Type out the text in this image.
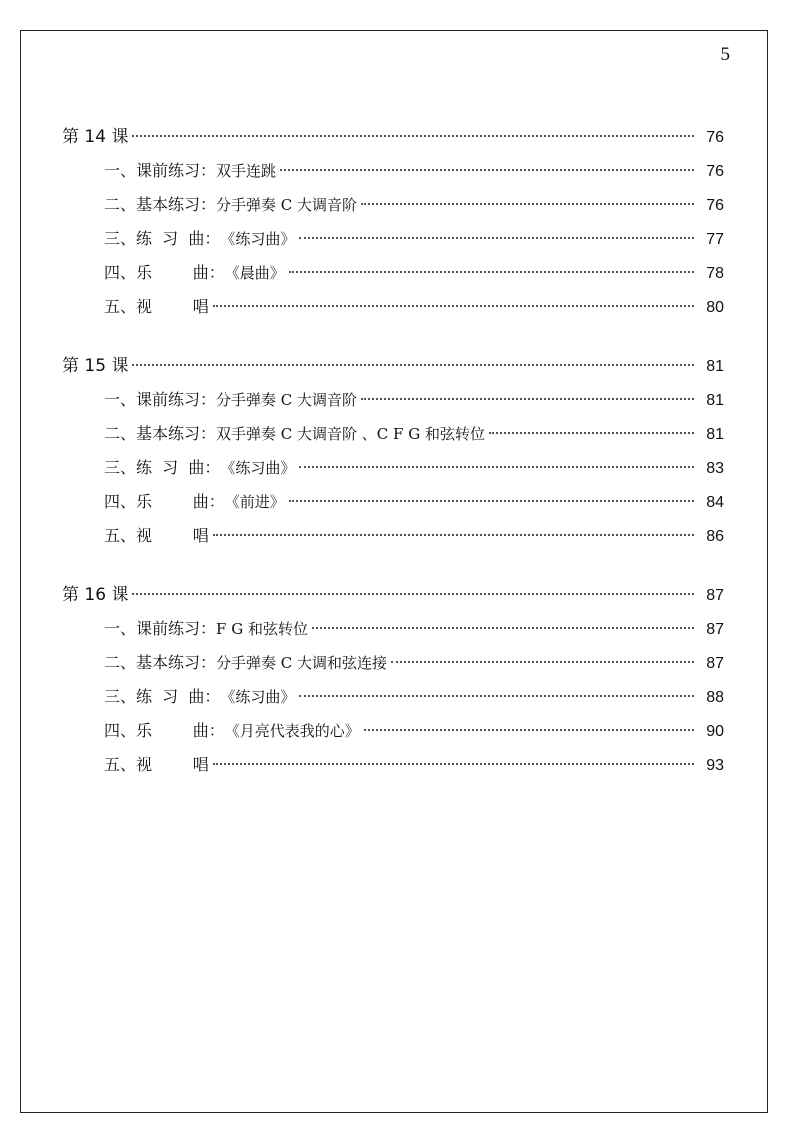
5
第 14 课	76
一、课前练习： 双手连跳	76
二、基本练习： 分手弹奏 C 大调音阶	76
三、练  习  曲： 《练习曲》	77
四、乐        曲： 《晨曲》	78
五、视        唱	80
第 15 课	81
一、课前练习： 分手弹奏 C 大调音阶	81
二、基本练习： 双手弹奏 C 大调音阶 、C F G 和弦转位	81
三、练  习  曲： 《练习曲》	83
四、乐        曲： 《前进》	84
五、视        唱	86
第 16 课	87
一、课前练习： F G 和弦转位	87
二、基本练习： 分手弹奏 C 大调和弦连接	87
三、练  习  曲： 《练习曲》	88
四、乐        曲： 《月亮代表我的心》	90
五、视        唱	93
